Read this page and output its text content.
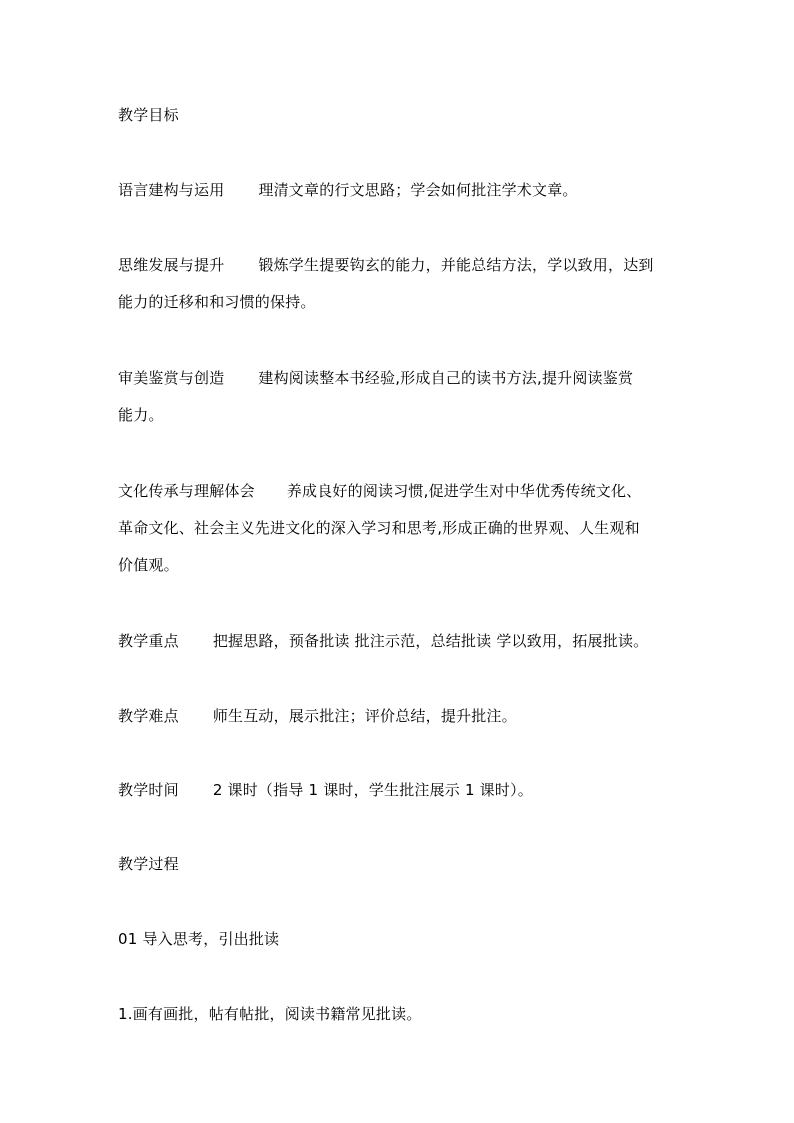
教学目标
语言建构与运用 理清文章的行文思路；学会如何批注学术文章。
思维发展与提升 锻炼学生提要钩玄的能力，并能总结方法，学以致用，达到
能力的迁移和和习惯的保持。
审美鉴赏与创造 建构阅读整本书经验,形成自己的读书方法,提升阅读鉴赏
能力。
文化传承与理解体会 养成良好的阅读习惯,促进学生对中华优秀传统文化、
革命文化、社会主义先进文化的深入学习和思考,形成正确的世界观、人生观和
价值观。
教学重点 把握思路，预备批读 批注示范，总结批读 学以致用，拓展批读。
教学难点 师生互动，展示批注；评价总结，提升批注。
教学时间 2 课时（指导 1 课时，学生批注展示 1 课时）。
教学过程
01 导入思考，引出批读
1.画有画批，帖有帖批，阅读书籍常见批读。
